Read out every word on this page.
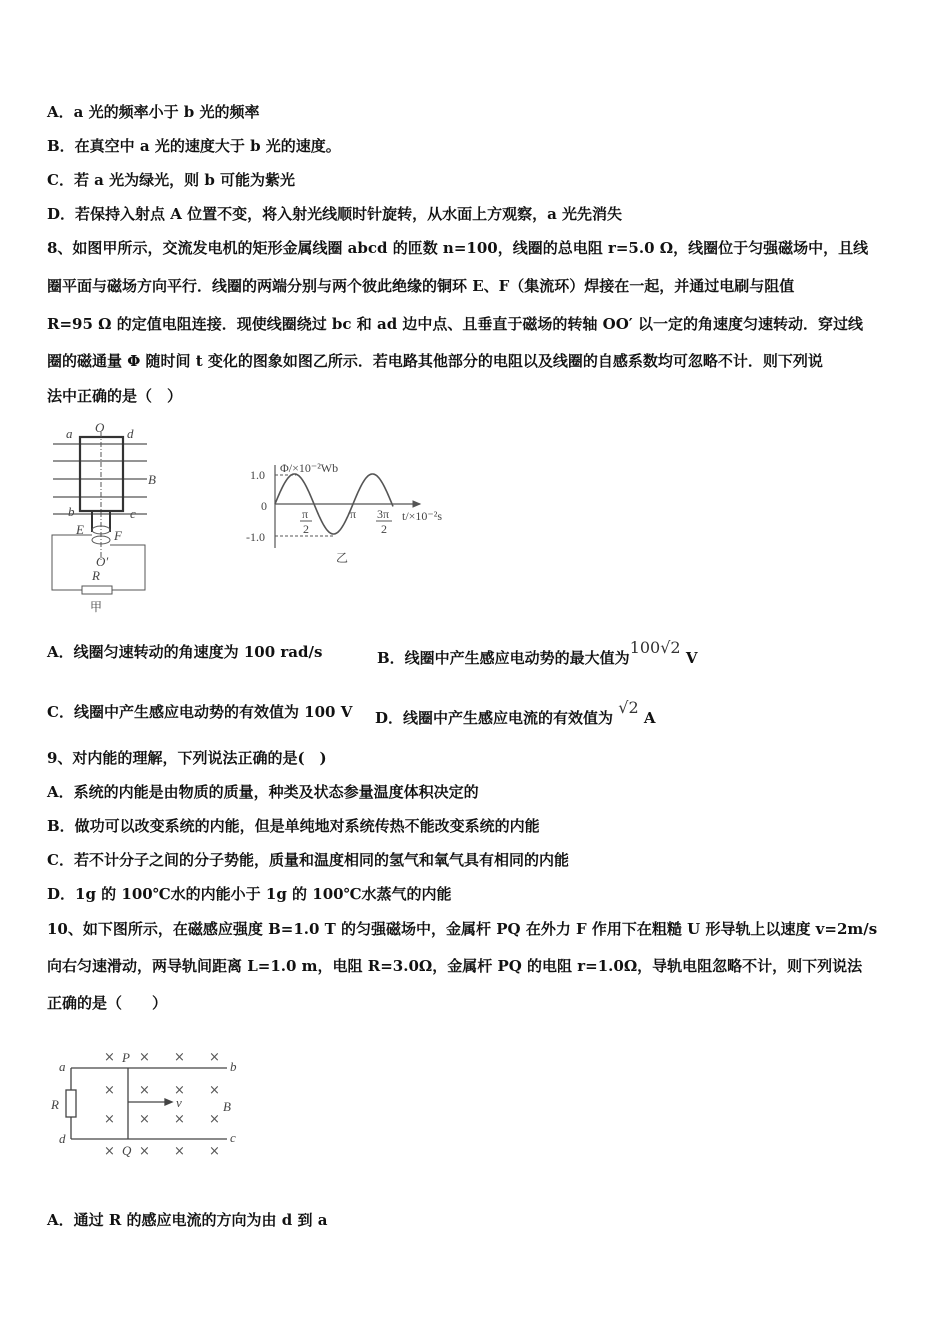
A．a 光的频率小于 b 光的频率
B．在真空中 a 光的速度大于 b 光的速度。
C．若 a 光为绿光，则 b 可能为紫光
D．若保持入射点 A 位置不变，将入射光线顺时针旋转，从水面上方观察，a 光先消失
8、如图甲所示，交流发电机的矩形金属线圈 abcd 的匝数 n=100，线圈的总电阻 r=5.0 Ω，线圈位于匀强磁场中，且线
圈平面与磁场方向平行．线圈的两端分别与两个彼此绝缘的铜环 E、F（集流环）焊接在一起，并通过电刷与阻值
R=95 Ω 的定值电阻连接．现使线圈绕过 bc 和 ad 边中点、且垂直于磁场的转轴 OO′ 以一定的角速度匀速转动．穿过线
圈的磁通量 Φ 随时间 t 变化的图象如图乙所示．若电路其他部分的电阻以及线圈的自感系数均可忽略不计．则下列说
法中正确的是（　）
a O d
B
b	c
E F
O′
R
甲
Φ/×10⁻²Wb
1.0
0
-1.0
π
2
π 3π
2
t/×10⁻²s
乙
× × × ×
× × × ×
× × × ×
× × × ×
a
P
b
R	v	B
d
Q
c
A．线圈匀速转动的角速度为 100 rad/s	B．线圈中产生感应电动势的最大值为$^{100√2}$ V
C．线圈中产生感应电动势的有效值为 100 V D．线圈中产生感应电流的有效值为 $^{√2}$ A
9、对内能的理解，下列说法正确的是(　)
A．系统的内能是由物质的质量，种类及状态参量温度体积决定的
B．做功可以改变系统的内能，但是单纯地对系统传热不能改变系统的内能
C．若不计分子之间的分子势能，质量和温度相同的氢气和氧气具有相同的内能
D．1g 的 100℃水的内能小于 1g 的 100℃水蒸气的内能
10、如下图所示，在磁感应强度 B=1.0 T 的匀强磁场中，金属杆 PQ 在外力 F 作用下在粗糙 U 形导轨上以速度 v=2m/s
向右匀速滑动，两导轨间距离 L=1.0 m，电阻 R=3.0Ω，金属杆 PQ 的电阻 r=1.0Ω，导轨电阻忽略不计，则下列说法
正确的是（　　）
A．通过 R 的感应电流的方向为由 d 到 a
